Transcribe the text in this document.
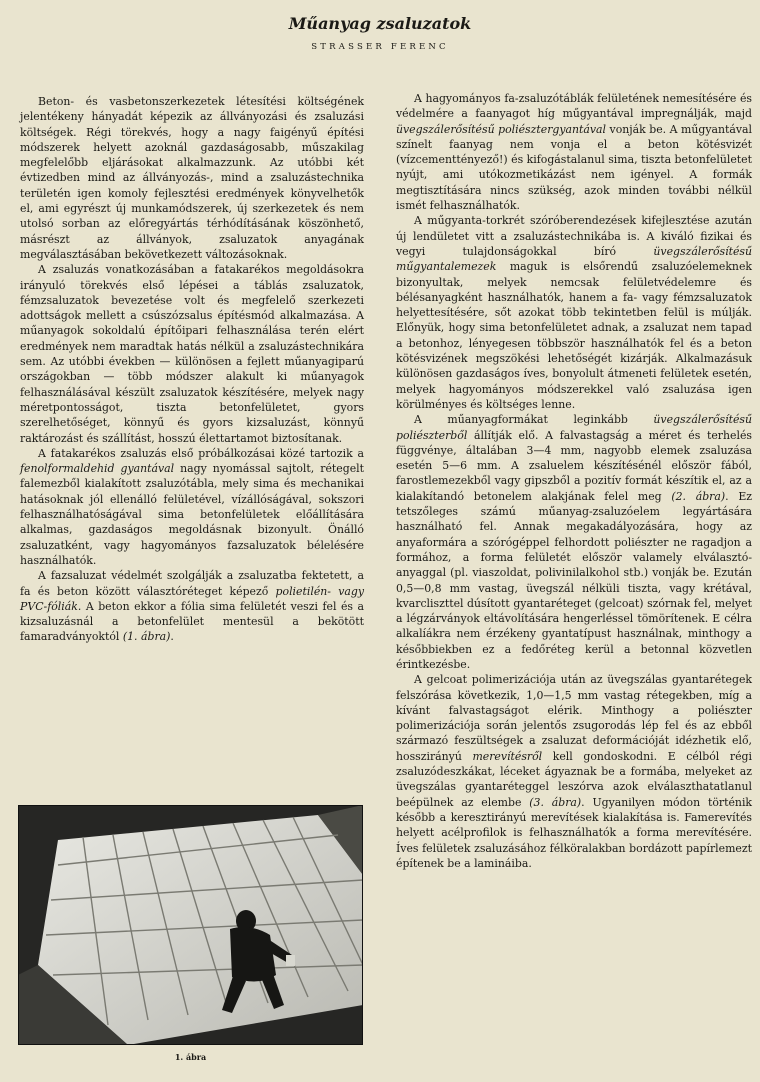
Műanyag zsaluzatok

STRASSER FERENC

Beton- és vasbetonszerkezetek létesítési költségének jelentékeny hányadát képezik az állványozási és zsaluzási költségek. Régi törekvés, hogy a nagy faigényű építési módszerek helyett azoknál gazdaságosabb, műszakilag megfelelőbb eljárásokat alkalmazzunk. Az utóbbi két évtizedben mind az állványozás-, mind a zsaluzástechnika területén igen komoly fejlesztési eredmények könyvelhetők el, ami egyrészt új munkamódszerek, új szerkezetek és nem utolsó sorban az előregyártás térhódításának köszönhető, másrészt az állványok, zsaluzatok anyagának megválasztásában bekövetkezett változásoknak.

A zsaluzás vonatkozásában a fatakarékos megoldásokra irányuló törekvés első lépései a táblás zsaluzatok, fémzsaluzatok bevezetése volt és megfelelő szerkezeti adottságok mellett a csúszózsalus építésmód alkalmazása. A műanyagok sokoldalú építőipari felhasználása terén elért eredmények nem maradtak hatás nélkül a zsaluzástechnikára sem. Az utóbbi években — különösen a fejlett műanyagiparú országokban — több módszer alakult ki műanyagok felhasználásával készült zsaluzatok készítésére, melyek nagy méretpontosságot, tiszta betonfelületet, gyors szerelhetőséget, könnyű és gyors kizsaluzást, könnyű raktározást és szállítást, hosszú élettartamot biztosítanak.

A fatakarékos zsaluzás első próbálkozásai közé tartozik a fenolformaldehid gyantával nagy nyomással sajtolt, rétegelt falemezből kialakított zsaluzótábla, mely sima és mechanikai hatásoknak jól ellenálló felületével, vízállóságával, sokszori felhasználhatóságával sima betonfelületek előállítására alkalmas, gazdaságos megoldásnak bizonyult. Önálló zsaluzatként, vagy hagyományos fazsaluzatok bélelésére használhatók.

A fazsaluzat védelmét szolgálják a zsaluzatba fektetett, a fa és beton között választóréteget képező polietilén- vagy PVC-fóliák. A beton ekkor a fólia sima felületét veszi fel és a kizsaluzásnál a betonfelület mentesül a bekötött famaradványoktól (1. ábra).

1. ábra

A hagyományos fa-zsaluzótáblák felületének nemesítésére és védelmére a faanyagot híg műgyantával impregnálják, majd üvegszálerősítésű poliésztergyantával vonják be. A műgyantával színelt faanyag nem vonja el a beton kötésvizét (vízcementtényező!) és kifogástalanul sima, tiszta betonfelületet nyújt, ami utókozmetikázást nem igényel. A formák megtisztítására nincs szükség, azok minden további nélkül ismét felhasználhatók.

A műgyanta-torkrét szóróberendezések kifejlesztése azután új lendületet vitt a zsaluzástechnikába is. A kiváló fizikai és vegyi tulajdonságokkal bíró üvegszálerősítésű műgyantalemezek maguk is elsőrendű zsaluzóelemeknek bizonyultak, melyek nemcsak felületvédelemre és bélésanyagként használhatók, hanem a fa- vagy fémzsaluzatok helyettesítésére, sőt azokat több tekintetben felül is múlják. Előnyük, hogy sima betonfelületet adnak, a zsaluzat nem tapad a betonhoz, lényegesen többször használhatók fel és a beton kötésvizének megszökési lehetőségét kizárják. Alkalmazásuk különösen gazdaságos íves, bonyolult átmeneti felületek esetén, melyek hagyományos módszerekkel való zsaluzása igen körülményes és költséges lenne.

A műanyagformákat leginkább üvegszálerősítésű poliészterből állítják elő. A falvastagság a méret és terhelés függvénye, általában 3—4 mm, nagyobb elemek zsaluzása esetén 5—6 mm. A zsaluelem készítésénél először fából, farostlemezekből vagy gipszből a pozitív formát készítik el, az a kialakítandó betonelem alakjának felel meg (2. ábra). Ez tetszőleges számú műanyag-zsaluzóelem legyártására használható fel. Annak megakadályozására, hogy az anyaformára a szórógéppel felhordott poliészter ne ragadjon a formához, a forma felületét először valamely elválasztó-anyaggal (pl. viaszoldat, polivinilalkohol stb.) vonják be. Ezután 0,5—0,8 mm vastag, üvegszál nélküli tiszta, vagy krétával, kvarcliszttel dúsított gyantaréteget (gelcoat) szórnak fel, melyet a légzárványok eltávolítására hengerléssel tömörítenek. E célra alkalíákra nem érzékeny gyantatípust használnak, minthogy a későbbiekben ez a fedőréteg kerül a betonnal közvetlen érintkezésbe.

A gelcoat polimerizációja után az üvegszálas gyantarétegek felszórása következik, 1,0—1,5 mm vastag rétegekben, míg a kívánt falvastagságot elérik. Minthogy a poliészter polimerizációja során jelentős zsugorodás lép fel és az ebből származó feszültségek a zsaluzat deformációját idézhetik elő, hosszirányú merevítésről kell gondoskodni. E célból régi zsaluzódeszkákat, léceket ágyaznak be a formába, melyeket az üvegszálas gyantaréteggel leszórva azok elválaszthatatlanul beépülnek az elembe (3. ábra). Ugyanilyen módon történik később a keresztirányú merevítések kialakítása is. Famerevítés helyett acélprofilok is felhasználhatók a forma merevítésére. Íves felületek zsaluzásához félköralakban bordázott papírlemezt építenek be a lamináiba.
